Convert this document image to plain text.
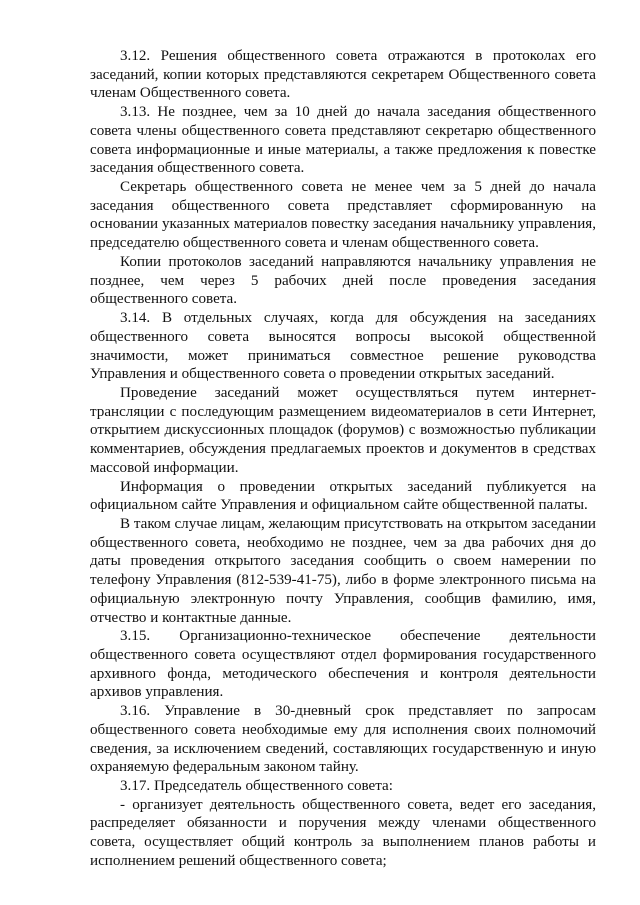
3.12. Решения общественного совета отражаются в протоколах его заседаний, копии которых представляются секретарем Общественного совета членам Общественного совета.

3.13. Не позднее, чем за 10 дней до начала заседания общественного совета члены общественного совета представляют секретарю общественного совета информационные и иные материалы, а также предложения к повестке заседания общественного совета.

Секретарь общественного совета не менее чем за 5 дней до начала заседания общественного совета представляет сформированную на основании указанных материалов повестку заседания начальнику управления, председателю общественного совета и членам общественного совета.

Копии протоколов заседаний направляются начальнику управления не позднее, чем через 5 рабочих дней после проведения заседания общественного совета.

3.14. В отдельных случаях, когда для обсуждения на заседаниях общественного совета выносятся вопросы высокой общественной значимости, может приниматься совместное решение руководства Управления и общественного совета о проведении открытых заседаний.

Проведение заседаний может осуществляться путем интернет-трансляции с последующим размещением видеоматериалов в сети Интернет, открытием дискуссионных площадок (форумов) с возможностью публикации комментариев, обсуждения предлагаемых проектов и документов в средствах массовой информации.

Информация о проведении открытых заседаний публикуется на официальном сайте Управления и официальном сайте общественной палаты.

В таком случае лицам, желающим присутствовать на открытом заседании общественного совета, необходимо не позднее, чем за два рабочих дня до даты проведения открытого заседания сообщить о своем намерении по телефону Управления (812-539-41-75), либо в форме электронного письма на официальную электронную почту Управления, сообщив фамилию, имя, отчество и контактные данные.

3.15. Организационно-техническое обеспечение деятельности общественного совета осуществляют отдел формирования государственного архивного фонда, методического обеспечения и контроля деятельности архивов управления.

3.16. Управление в 30-дневный срок представляет по запросам общественного совета необходимые ему для исполнения своих полномочий сведения, за исключением сведений, составляющих государственную и иную охраняемую федеральным законом тайну.

3.17. Председатель общественного совета:

- организует деятельность общественного совета, ведет его заседания, распределяет обязанности и поручения между членами общественного совета, осуществляет общий контроль за выполнением планов работы и исполнением решений общественного совета;
